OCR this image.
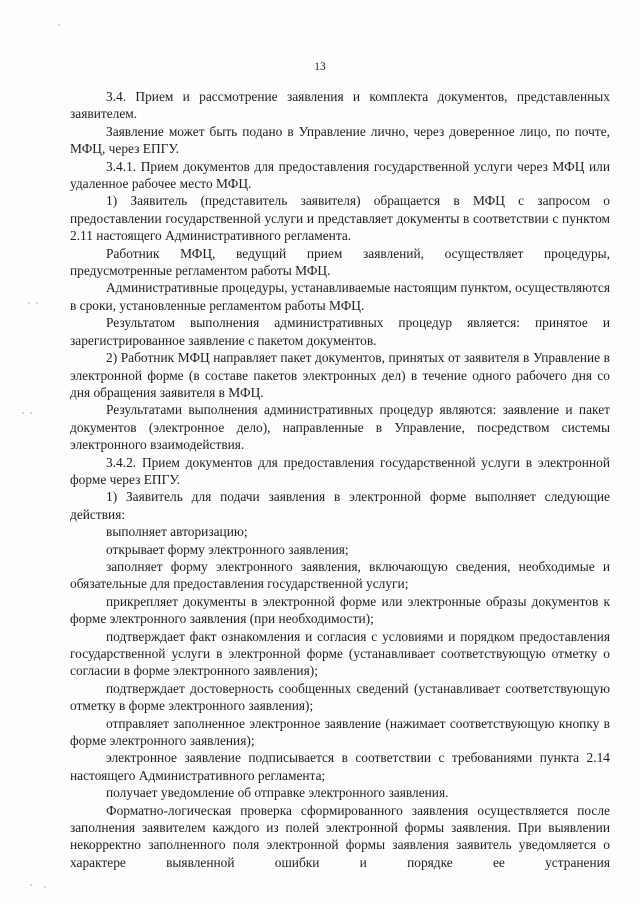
13

3.4. Прием и рассмотрение заявления и комплекта документов, представленных заявителем.

Заявление может быть подано в Управление лично, через доверенное лицо, по почте, МФЦ, через ЕПГУ.

3.4.1. Прием документов для предоставления государственной услуги через МФЦ или удаленное рабочее место МФЦ.

1) Заявитель (представитель заявителя) обращается в МФЦ с запросом о предоставлении государственной услуги и представляет документы в соответствии с пунктом 2.11 настоящего Административного регламента.

Работник МФЦ, ведущий прием заявлений, осуществляет процедуры, предусмотренные регламентом работы МФЦ.

Административные процедуры, устанавливаемые настоящим пунктом, осуществляются в сроки, установленные регламентом работы МФЦ.

Результатом выполнения административных процедур является: принятое и зарегистрированное заявление с пакетом документов.

2) Работник МФЦ направляет пакет документов, принятых от заявителя в Управление в электронной форме (в составе пакетов электронных дел) в течение одного рабочего дня со дня обращения заявителя в МФЦ.

Результатами выполнения административных процедур являются: заявление и пакет документов (электронное дело), направленные в Управление, посредством системы электронного взаимодействия.

3.4.2. Прием документов для предоставления государственной услуги в электронной форме через ЕПГУ.

1) Заявитель для подачи заявления в электронной форме выполняет следующие действия:

выполняет авторизацию;

открывает форму электронного заявления;

заполняет форму электронного заявления, включающую сведения, необходимые и обязательные для предоставления государственной услуги;

прикрепляет документы в электронной форме или электронные образы документов к форме электронного заявления (при необходимости);

подтверждает факт ознакомления и согласия с условиями и порядком предоставления государственной услуги в электронной форме (устанавливает соответствующую отметку о согласии в форме электронного заявления);

подтверждает достоверность сообщенных сведений (устанавливает соответствующую отметку в форме электронного заявления);

отправляет заполненное электронное заявление (нажимает соответствующую кнопку в форме электронного заявления);

электронное заявление подписывается в соответствии с требованиями пункта 2.14 настоящего Административного регламента;

получает уведомление об отправке электронного заявления.

Форматно-логическая проверка сформированного заявления осуществляется после заполнения заявителем каждого из полей электронной формы заявления. При выявлении некорректно заполненного поля электронной формы заявления заявитель уведомляется о характере выявленной ошибки и порядке ее устранения
